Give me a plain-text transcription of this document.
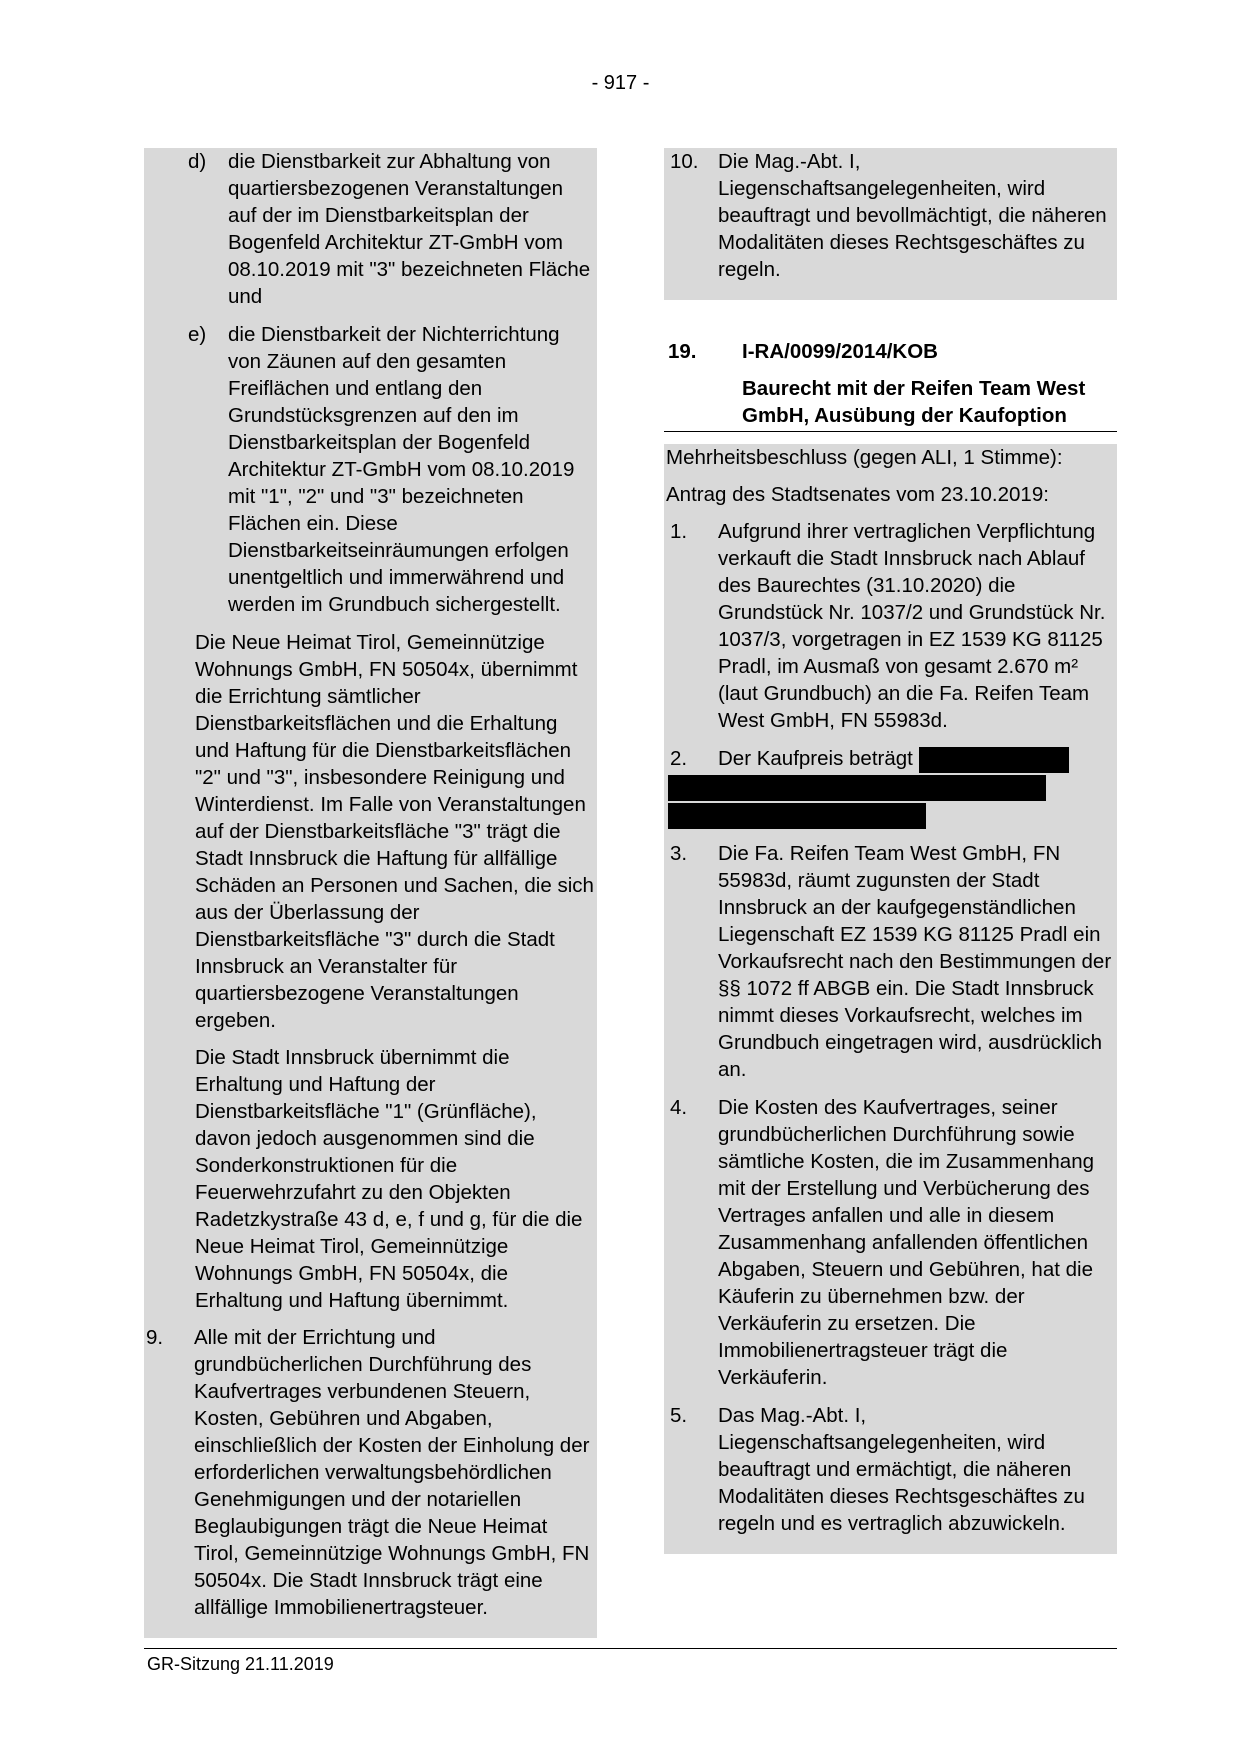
- 917 -
d)	die Dienstbarkeit zur Abhaltung von quartiersbezogenen Veranstaltungen auf der im Dienstbarkeitsplan der Bogenfeld Architektur ZT-GmbH vom 08.10.2019 mit "3" bezeichneten Fläche und
e)	die Dienstbarkeit der Nichterrichtung von Zäunen auf den gesamten Freiflächen und entlang den Grundstücksgrenzen auf den im Dienstbarkeitsplan der Bogenfeld Architektur ZT-GmbH vom 08.10.2019 mit "1", "2" und "3" bezeichneten Flächen ein. Diese Dienstbarkeitseinräumungen erfolgen unentgeltlich und immerwährend und werden im Grundbuch sichergestellt.

Die Neue Heimat Tirol, Gemeinnützige Wohnungs GmbH, FN 50504x, übernimmt die Errichtung sämtlicher Dienstbarkeitsflächen und die Erhaltung und Haftung für die Dienstbarkeitsflächen "2" und "3", insbesondere Reinigung und Winterdienst. Im Falle von Veranstaltungen auf der Dienstbarkeitsfläche "3" trägt die Stadt Innsbruck die Haftung für allfällige Schäden an Personen und Sachen, die sich aus der Überlassung der Dienstbarkeitsfläche "3" durch die Stadt Innsbruck an Veranstalter für quartiersbezogene Veranstaltungen ergeben.

Die Stadt Innsbruck übernimmt die Erhaltung und Haftung der Dienstbarkeitsfläche "1" (Grünfläche), davon jedoch ausgenommen sind die Sonderkonstruktionen für die Feuerwehrzufahrt zu den Objekten Radetzkystraße 43 d, e, f und g, für die die Neue Heimat Tirol, Gemeinnützige Wohnungs GmbH, FN 50504x, die Erhaltung und Haftung übernimmt.

9.	Alle mit der Errichtung und grundbücherlichen Durchführung des Kaufvertrages verbundenen Steuern, Kosten, Gebühren und Abgaben, einschließlich der Kosten der Einholung der erforderlichen verwaltungsbehördlichen Genehmigungen und der notariellen Beglaubigungen trägt die Neue Heimat Tirol, Gemeinnützige Wohnungs GmbH, FN 50504x. Die Stadt Innsbruck trägt eine allfällige Immobilienertragsteuer.
10. Die Mag.-Abt. I, Liegenschaftsangelegenheiten, wird beauftragt und bevollmächtigt, die näheren Modalitäten dieses Rechtsgeschäftes zu regeln.
19.	I-RA/0099/2014/KOB
Baurecht mit der Reifen Team West GmbH, Ausübung der Kaufoption

Mehrheitsbeschluss (gegen ALI, 1 Stimme):

Antrag des Stadtsenates vom 23.10.2019:

1.	Aufgrund ihrer vertraglichen Verpflichtung verkauft die Stadt Innsbruck nach Ablauf des Baurechtes (31.10.2020) die Grundstück Nr. 1037/2 und Grundstück Nr. 1037/3, vorgetragen in EZ 1539 KG 81125 Pradl, im Ausmaß von gesamt 2.670 m² (laut Grundbuch) an die Fa. Reifen Team West GmbH, FN 55983d.
2.	Der Kaufpreis beträgt

3.	Die Fa. Reifen Team West GmbH, FN 55983d, räumt zugunsten der Stadt Innsbruck an der kaufgegenständlichen Liegenschaft EZ 1539 KG 81125 Pradl ein Vorkaufsrecht nach den Bestimmungen der §§ 1072 ff ABGB ein. Die Stadt Innsbruck nimmt dieses Vorkaufsrecht, welches im Grundbuch eingetragen wird, ausdrücklich an.
4.	Die Kosten des Kaufvertrages, seiner grundbücherlichen Durchführung sowie sämtliche Kosten, die im Zusammenhang mit der Erstellung und Verbücherung des Vertrages anfallen und alle in diesem Zusammenhang anfallenden öffentlichen Abgaben, Steuern und Gebühren, hat die Käuferin zu übernehmen bzw. der Verkäuferin zu ersetzen. Die Immobilienertragsteuer trägt die Verkäuferin.
5.	Das Mag.-Abt. I, Liegenschaftsangelegenheiten, wird beauftragt und ermächtigt, die näheren Modalitäten dieses Rechtsgeschäftes zu regeln und es vertraglich abzuwickeln.
GR-Sitzung 21.11.2019
